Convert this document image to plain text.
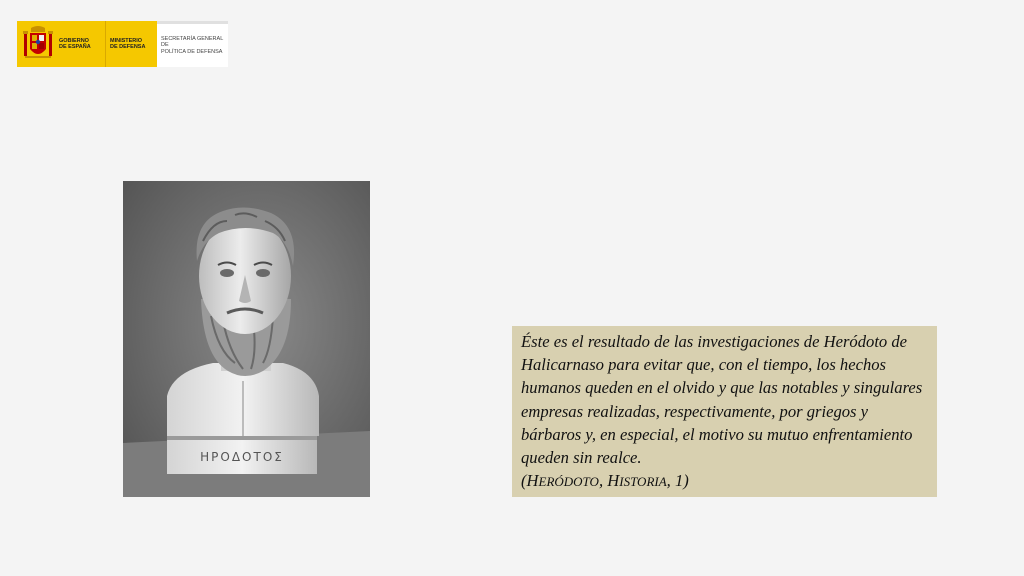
GOBIERNO
DE ESPAÑA
MINISTERIO
DE DEFENSA
SECRETARÍA GENERAL DE
POLÍTICA DE DEFENSA
ΗΡΟΔΟΤΟΣ

Éste es el resultado de las investigaciones de Heródoto de Halicarnaso para evitar que, con el tiempo, los hechos humanos queden en el olvido y que las notables y singulares empresas realizadas, respectivamente, por griegos y bárbaros y, en especial, el motivo su mutuo enfrentamiento queden sin realce.

(HERÓDOTO, HISTORIA, 1)
